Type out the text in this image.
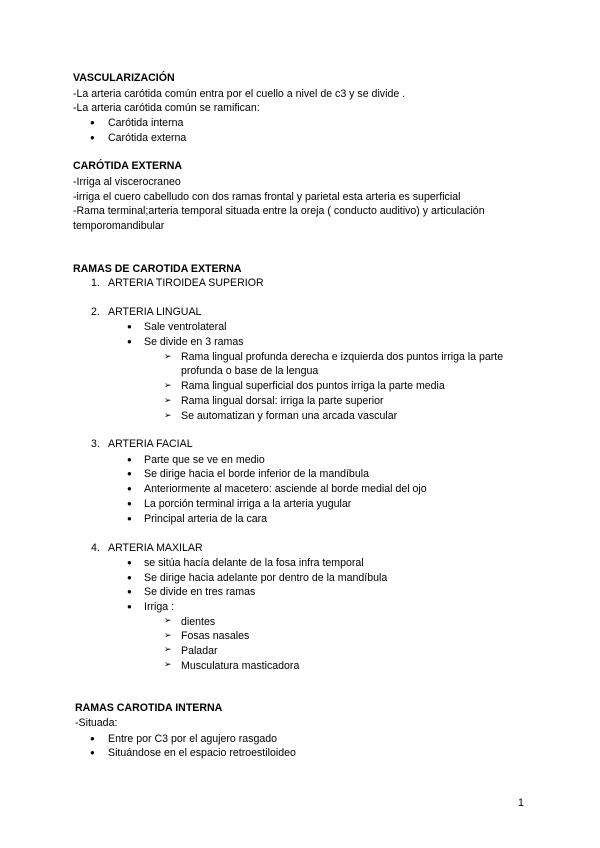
VASCULARIZACIÓN
-La arteria carótida común entra por el cuello a nivel de c3 y se divide .
-La arteria carótida común se ramifican:
● Carótida interna
● Carótida externa
CARÓTIDA EXTERNA
-Irriga al viscerocraneo
-irriga el cuero cabelludo con dos ramas frontal y parietal esta arteria es superficial
-Rama terminal;arteria temporal situada entre la oreja ( conducto auditivo) y articulación
temporomandibular
RAMAS DE CAROTIDA EXTERNA
1. ARTERIA TIROIDEA SUPERIOR
2. ARTERIA LINGUAL
● Sale ventrolateral
● Se divide en 3 ramas
➢ Rama lingual profunda derecha e izquierda dos puntos irriga la parte
profunda o base de la lengua
➢ Rama lingual superficial dos puntos irriga la parte media
➢ Rama lingual dorsal: irriga la parte superior
➢ Se automatizan y forman una arcada vascular
3. ARTERIA FACIAL
● Parte que se ve en medio
● Se dirige hacia el borde inferior de la mandíbula
● Anteriormente al macetero: asciende al borde medial del ojo
● La porción terminal irriga a la arteria yugular
● Principal arteria de la cara
4. ARTERIA MAXILAR
● se sitúa hacía delante de la fosa infra temporal
● Se dirige hacia adelante por dentro de la mandíbula
● Se divide en tres ramas
● Irriga :
➢ dientes
➢ Fosas nasales
➢ Paladar
➢ Musculatura masticadora
RAMAS CAROTIDA INTERNA
-Situada:
● Entre por C3 por el agujero rasgado
● Situándose en el espacio retroestiloideo
1
